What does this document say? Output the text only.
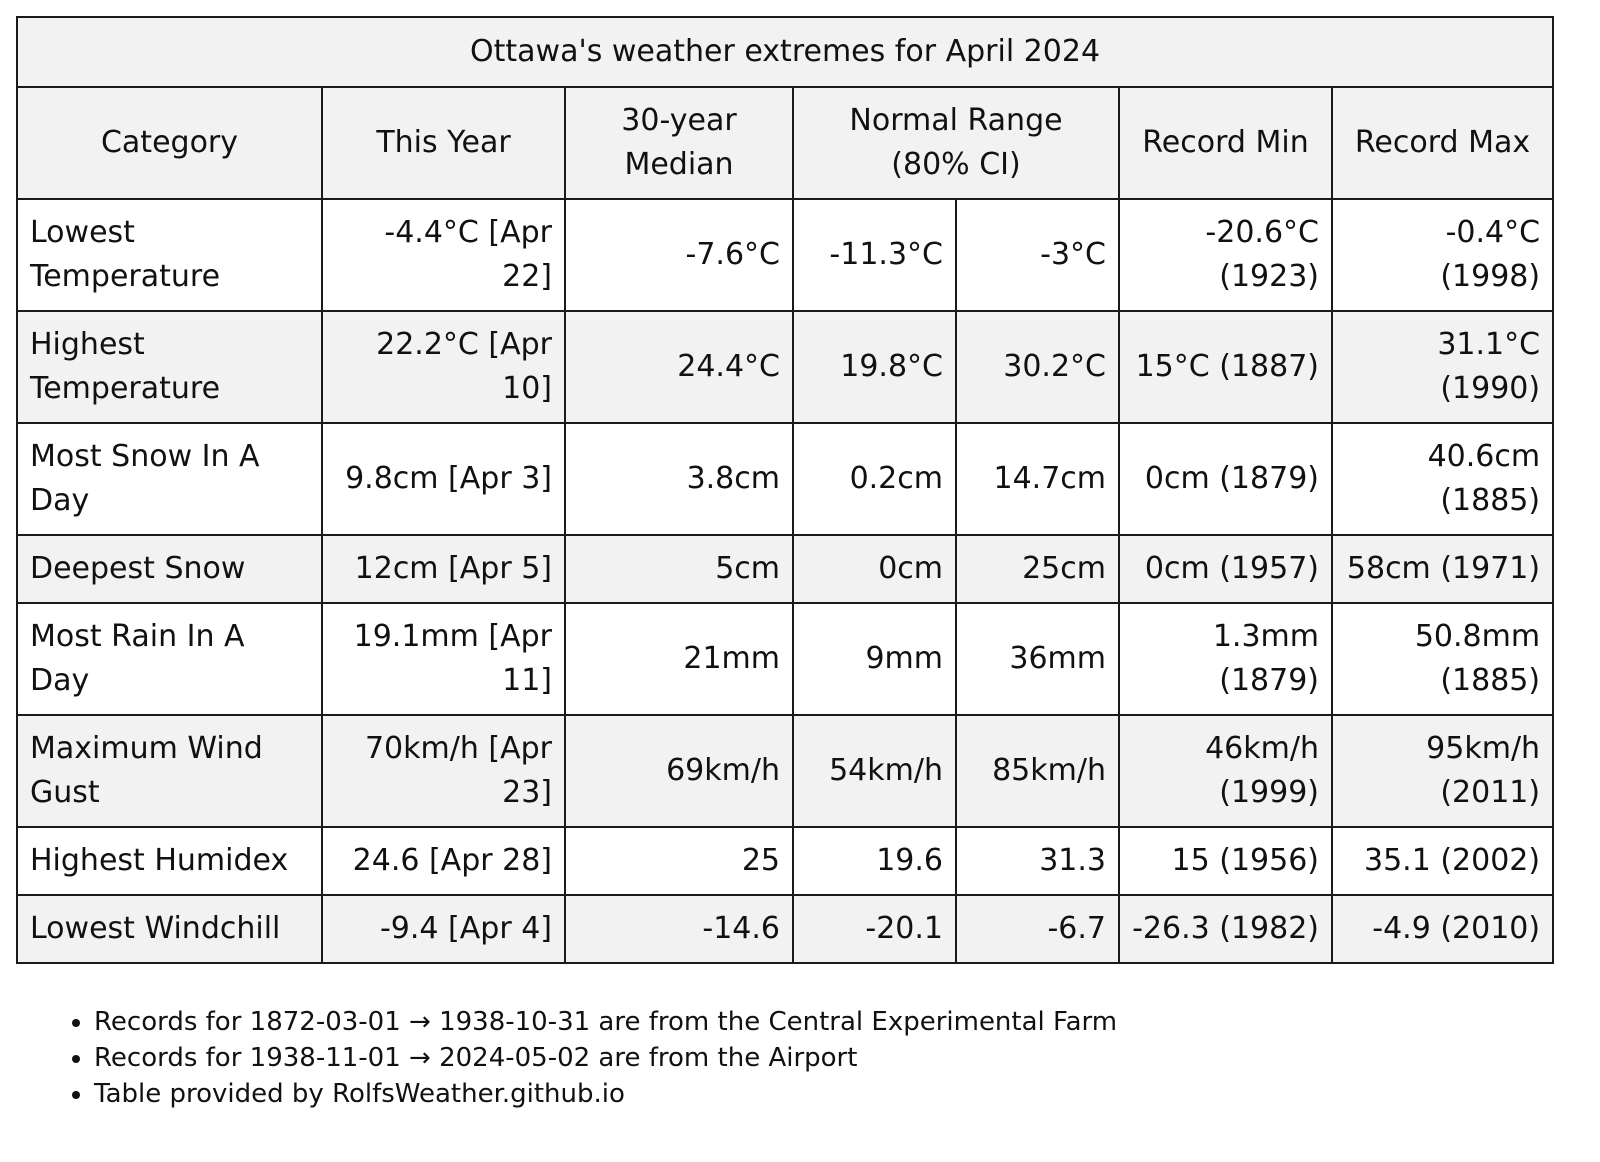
Ottawa's weather extremes for April 2024						
Category	This Year	30-year Median	Normal Range (80% CI)		Record Min	Record Max
Lowest Temperature	-4.4°C [Apr 22]	-7.6°C	-11.3°C	-3°C	-20.6°C (1923)	-0.4°C (1998)
Highest Temperature	22.2°C [Apr 10]	24.4°C	19.8°C	30.2°C	15°C (1887)	31.1°C (1990)
Most Snow In A Day	9.8cm [Apr 3]	3.8cm	0.2cm	14.7cm	0cm (1879)	40.6cm (1885)
Deepest Snow	12cm [Apr 5]	5cm	0cm	25cm	0cm (1957)	58cm (1971)
Most Rain In A Day	19.1mm [Apr 11]	21mm	9mm	36mm	1.3mm (1879)	50.8mm (1885)
Maximum Wind Gust	70km/h [Apr 23]	69km/h	54km/h	85km/h	46km/h (1999)	95km/h (2011)
Highest Humidex	24.6 [Apr 28]	25	19.6	31.3	15 (1956)	35.1 (2002)
Lowest Windchill	-9.4 [Apr 4]	-14.6	-20.1	-6.7	-26.3 (1982)	-4.9 (2010)
• Records for 1872-03-01 → 1938-10-31 are from the Central Experimental Farm
• Records for 1938-11-01 → 2024-05-02 are from the Airport
• Table provided by RolfsWeather.github.io
